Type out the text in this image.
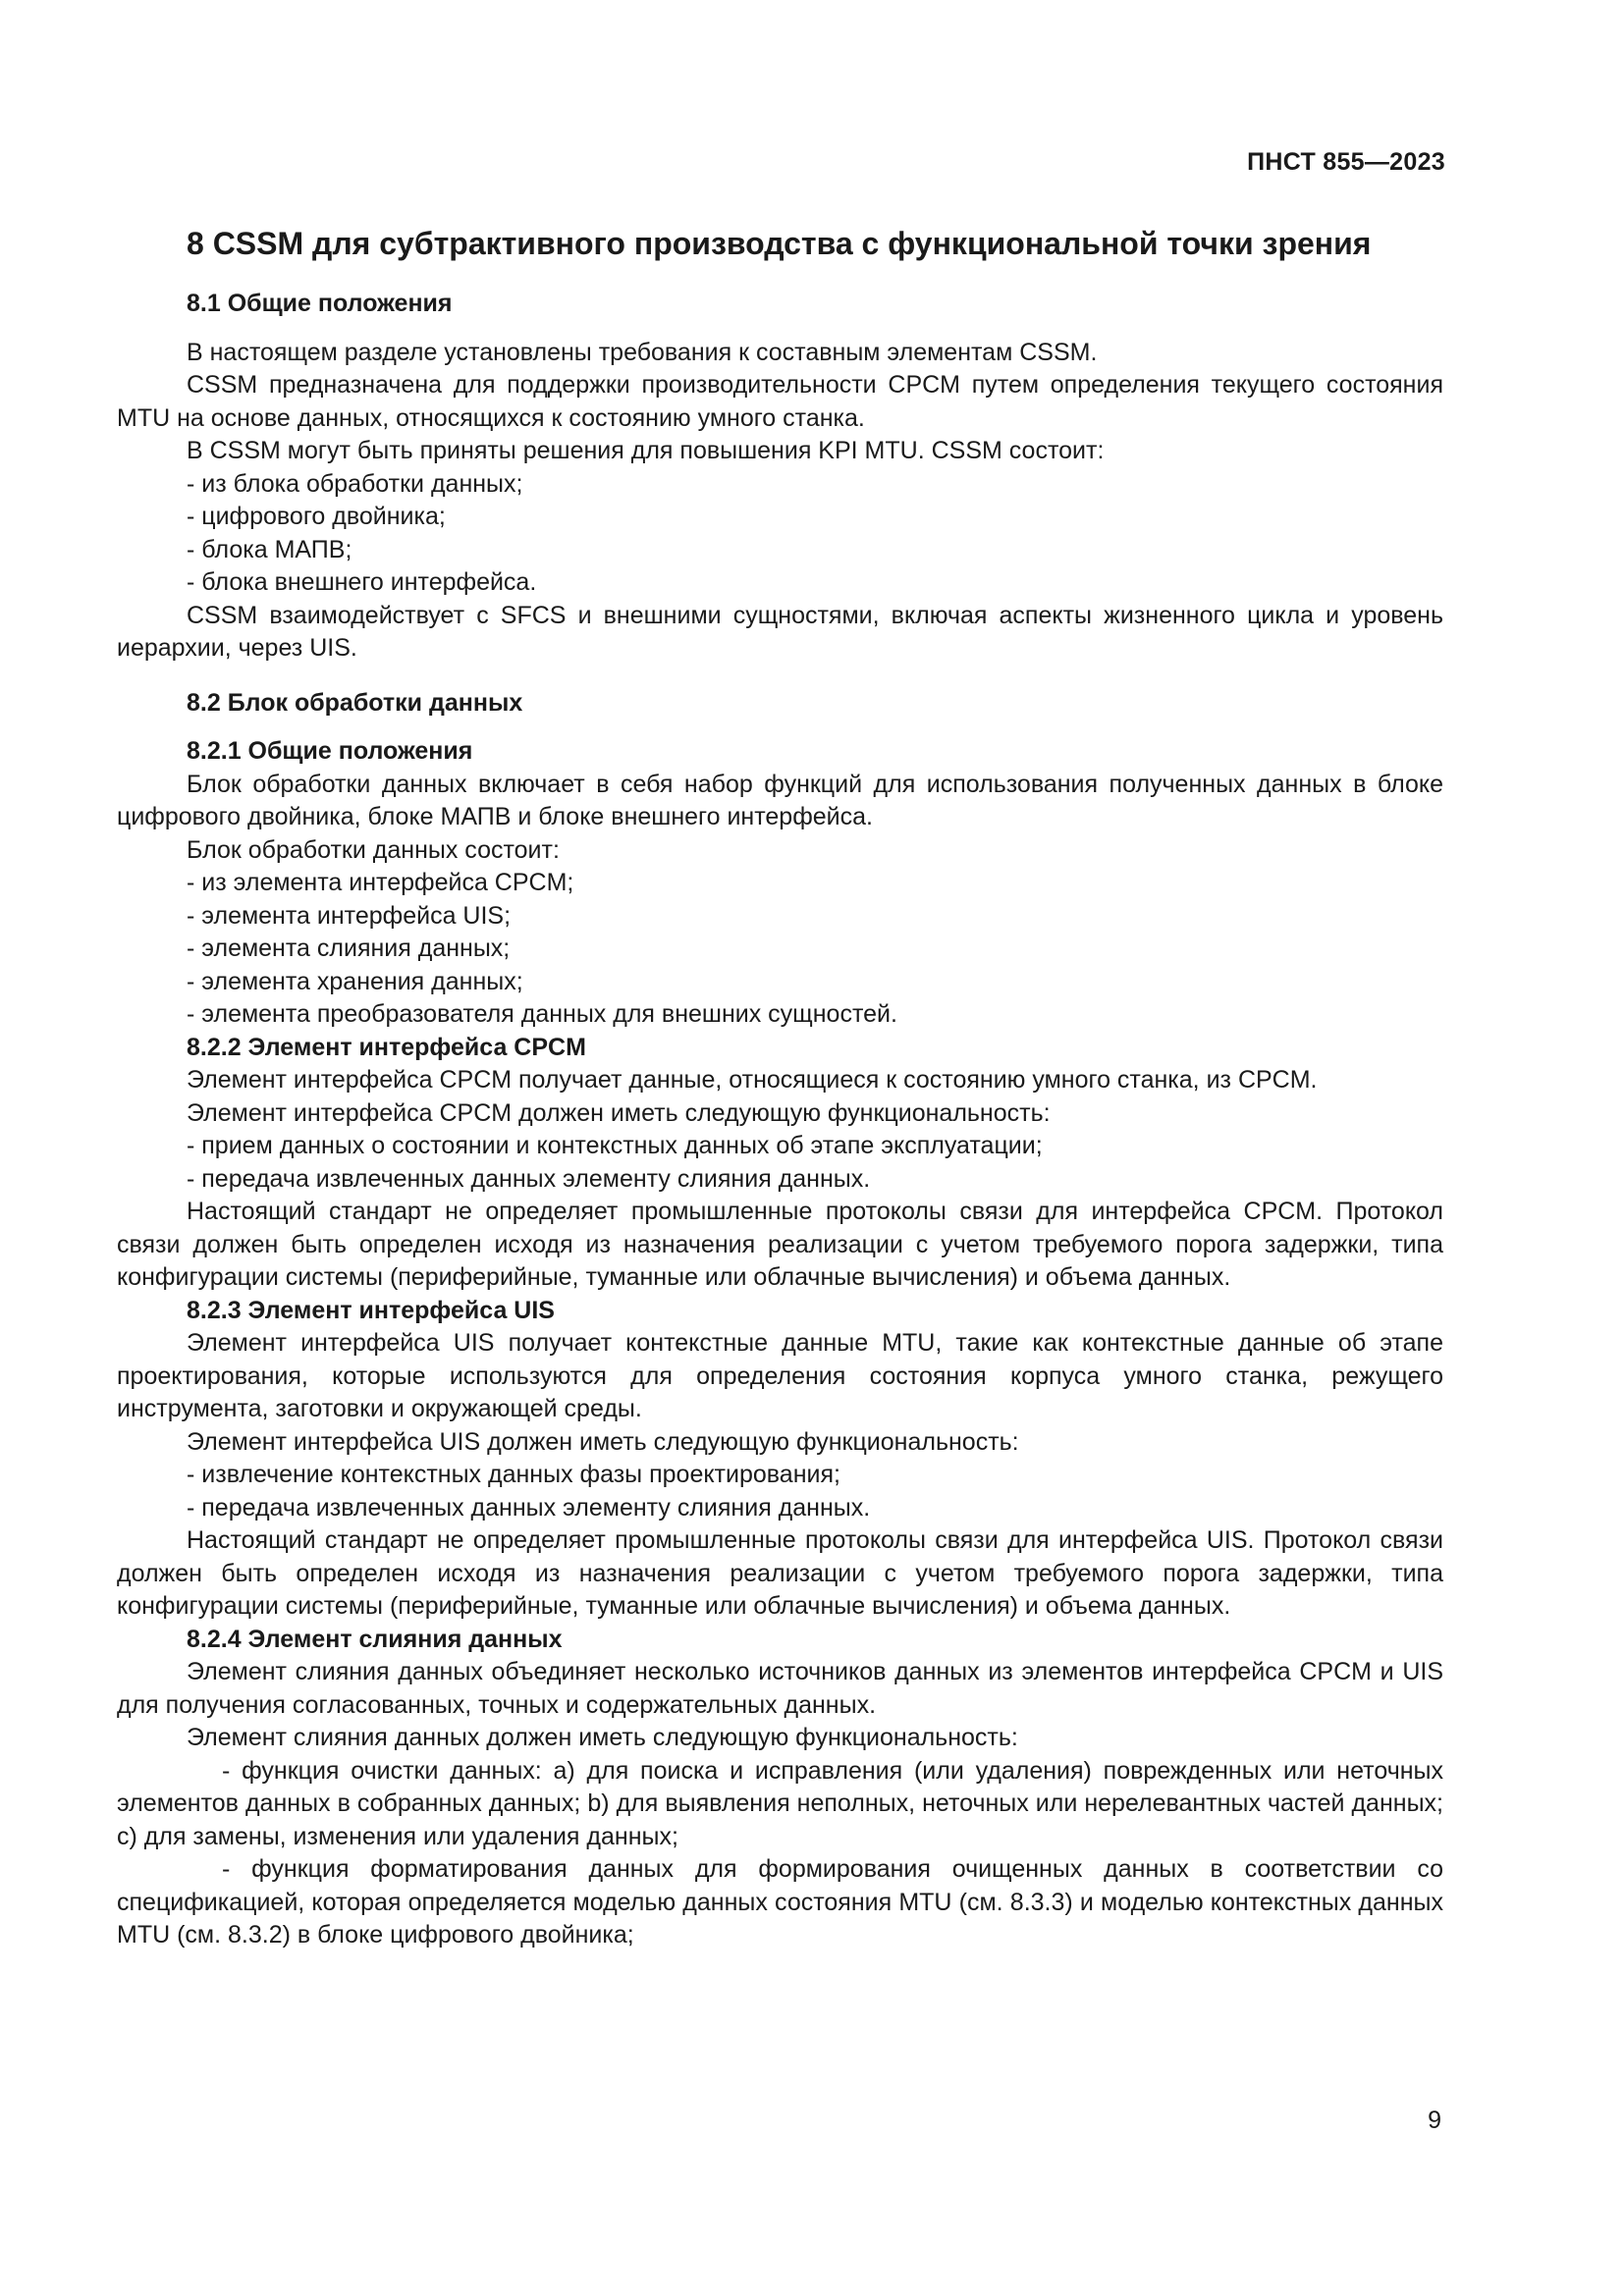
ПНСТ 855—2023
8 CSSM для субтрактивного производства с функциональной точки зрения
8.1 Общие положения

В настоящем разделе установлены требования к составным элементам CSSM.

CSSM предназначена для поддержки производительности CPCM путем определения текущего состояния MTU на основе данных, относящихся к состоянию умного станка.

В CSSM могут быть приняты решения для повышения KPI MTU. CSSM состоит:

- из блока обработки данных;
- цифрового двойника;
- блока МАПВ;
- блока внешнего интерфейса.

CSSM взаимодействует с SFCS и внешними сущностями, включая аспекты жизненного цикла и уровень иерархии, через UIS.

8.2 Блок обработки данных
8.2.1 Общие положения

Блок обработки данных включает в себя набор функций для использования полученных данных в блоке цифрового двойника, блоке МАПВ и блоке внешнего интерфейса.

Блок обработки данных состоит:

- из элемента интерфейса CPCM;
- элемента интерфейса UIS;
- элемента слияния данных;
- элемента хранения данных;
- элемента преобразователя данных для внешних сущностей.
8.2.2 Элемент интерфейса CPCM

Элемент интерфейса CPCM получает данные, относящиеся к состоянию умного станка, из CPCM.

Элемент интерфейса CPCM должен иметь следующую функциональность:

- прием данных о состоянии и контекстных данных об этапе эксплуатации;
- передача извлеченных данных элементу слияния данных.

Настоящий стандарт не определяет промышленные протоколы связи для интерфейса CPCM. Протокол связи должен быть определен исходя из назначения реализации с учетом требуемого порога задержки, типа конфигурации системы (периферийные, туманные или облачные вычисления) и объема данных.

8.2.3 Элемент интерфейса UIS

Элемент интерфейса UIS получает контекстные данные MTU, такие как контекстные данные об этапе проектирования, которые используются для определения состояния корпуса умного станка, режущего инструмента, заготовки и окружающей среды.

Элемент интерфейса UIS должен иметь следующую функциональность:

- извлечение контекстных данных фазы проектирования;
- передача извлеченных данных элементу слияния данных.

Настоящий стандарт не определяет промышленные протоколы связи для интерфейса UIS. Протокол связи должен быть определен исходя из назначения реализации с учетом требуемого порога задержки, типа конфигурации системы (периферийные, туманные или облачные вычисления) и объема данных.

8.2.4 Элемент слияния данных

Элемент слияния данных объединяет несколько источников данных из элементов интерфейса CPCM и UIS для получения согласованных, точных и содержательных данных.

Элемент слияния данных должен иметь следующую функциональность:

- функция очистки данных: a) для поиска и исправления (или удаления) поврежденных или неточных элементов данных в собранных данных; b) для выявления неполных, неточных или нерелевантных частей данных; c) для замены, изменения или удаления данных;

- функция форматирования данных для формирования очищенных данных в соответствии со спецификацией, которая определяется моделью данных состояния MTU (см. 8.3.3) и моделью контекстных данных MTU (см. 8.3.2) в блоке цифрового двойника;

9
